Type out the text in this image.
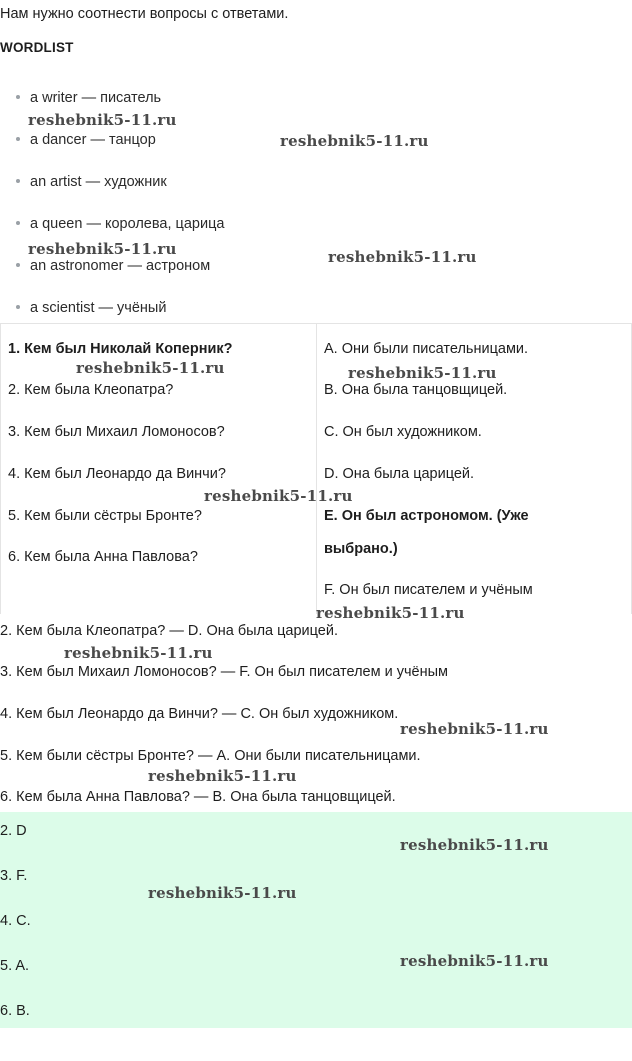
Нам нужно соотнести вопросы с ответами.
WORDLIST
a writer — писатель
a dancer — танцор
an artist — художник
a queen — королева, царица
an astronomer — астроном
a scientist — учёный
1. Кем был Николай Коперник?
2. Кем была Клеопатра?
3. Кем был Михаил Ломоносов?
4. Кем был Леонардо да Винчи?
5. Кем были сёстры Бронте?
6. Кем была Анна Павлова?
A. Они были писательницами.
B. Она была танцовщицей.
C. Он был художником.
D. Она была царицей.
E. Он был астрономом. (Уже
выбрано.)
F. Он был писателем и учёным
2. Кем была Клеопатра? — D. Она была царицей.
3. Кем был Михаил Ломоносов? — F. Он был писателем и учёным
4. Кем был Леонардо да Винчи? — C. Он был художником.
5. Кем были сёстры Бронте? — A. Они были писательницами.
6. Кем была Анна Павлова? — B. Она была танцовщицей.
2. D
3. F.
4. C.
5. A.
6. B.
reshebnik5-11.ru
reshebnik5-11.ru
reshebnik5-11.ru	reshebnik5-11.ru
reshebnik5-11.ru	reshebnik5-11.ru
reshebnik5-11.ru
reshebnik5-11.ru
reshebnik5-11.ru
reshebnik5-11.ru
reshebnik5-11.ru
reshebnik5-11.ru
reshebnik5-11.ru
reshebnik5-11.ru
